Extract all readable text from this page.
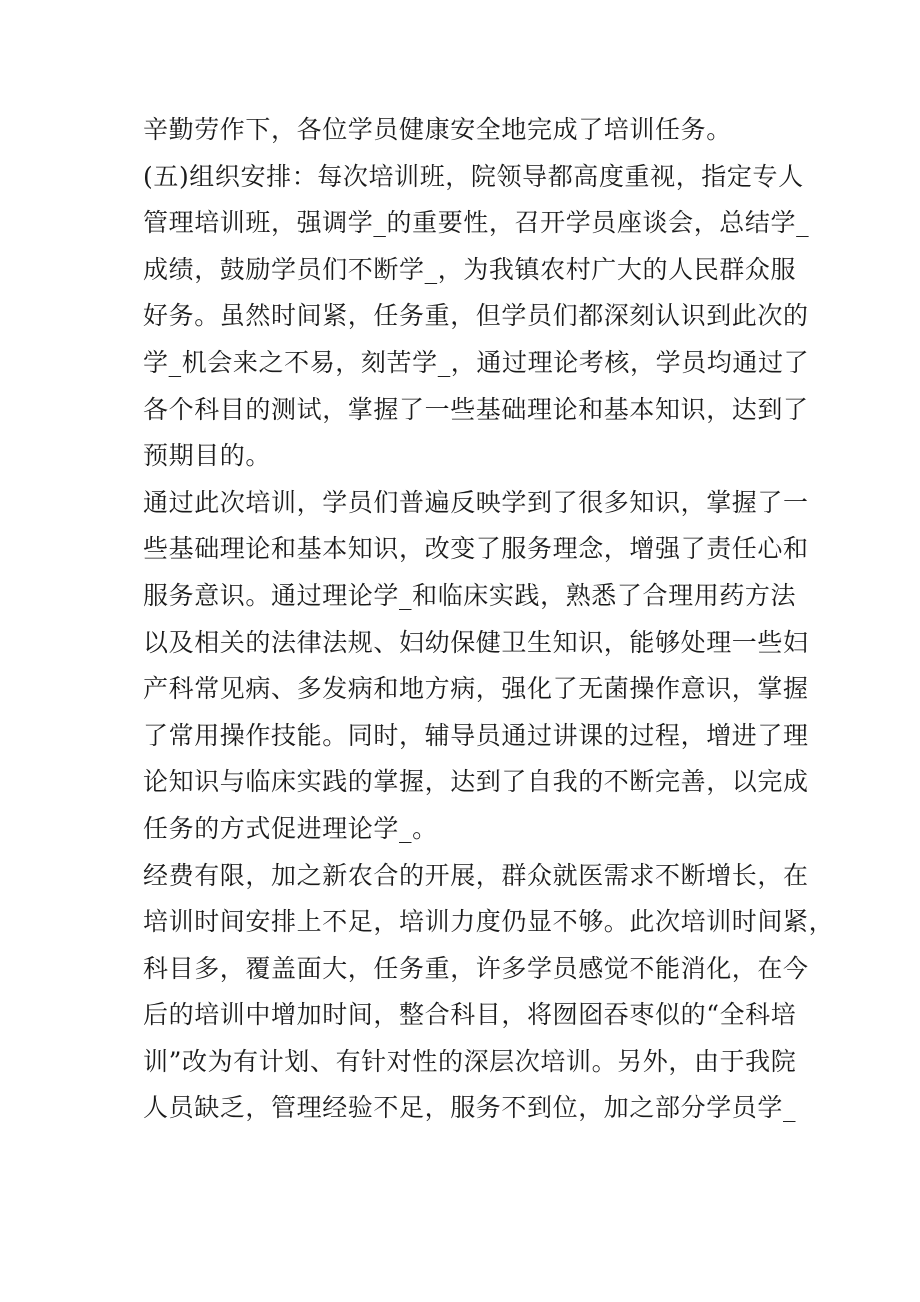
辛勤劳作下，各位学员健康安全地完成了培训任务。
(五)组织安排：每次培训班，院领导都高度重视，指定专人
管理培训班，强调学_的重要性，召开学员座谈会，总结学_
成绩，鼓励学员们不断学_，为我镇农村广大的人民群众服
好务。虽然时间紧，任务重，但学员们都深刻认识到此次的
学_机会来之不易，刻苦学_，通过理论考核，学员均通过了
各个科目的测试，掌握了一些基础理论和基本知识，达到了
预期目的。
通过此次培训，学员们普遍反映学到了很多知识，掌握了一
些基础理论和基本知识，改变了服务理念，增强了责任心和
服务意识。通过理论学_和临床实践，熟悉了合理用药方法
以及相关的法律法规、妇幼保健卫生知识，能够处理一些妇
产科常见病、多发病和地方病，强化了无菌操作意识，掌握
了常用操作技能。同时，辅导员通过讲课的过程，增进了理
论知识与临床实践的掌握，达到了自我的不断完善，以完成
任务的方式促进理论学_。
经费有限，加之新农合的开展，群众就医需求不断增长，在
培训时间安排上不足，培训力度仍显不够。此次培训时间紧，
科目多，覆盖面大，任务重，许多学员感觉不能消化，在今
后的培训中增加时间，整合科目，将囫囵吞枣似的“全科培
训”改为有计划、有针对性的深层次培训。另外，由于我院
人员缺乏，管理经验不足，服务不到位，加之部分学员学_
